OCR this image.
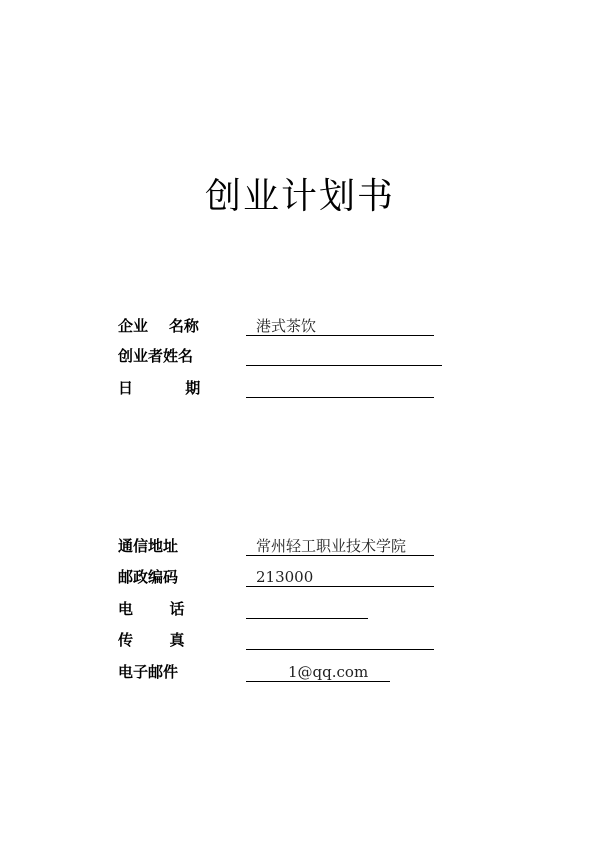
创业计划书
企业    名称	港式茶饮
创业者姓名
日          期
通信地址	常州轻工职业技术学院
邮政编码	213000
电       话
传       真
电子邮件	1@qq.com
